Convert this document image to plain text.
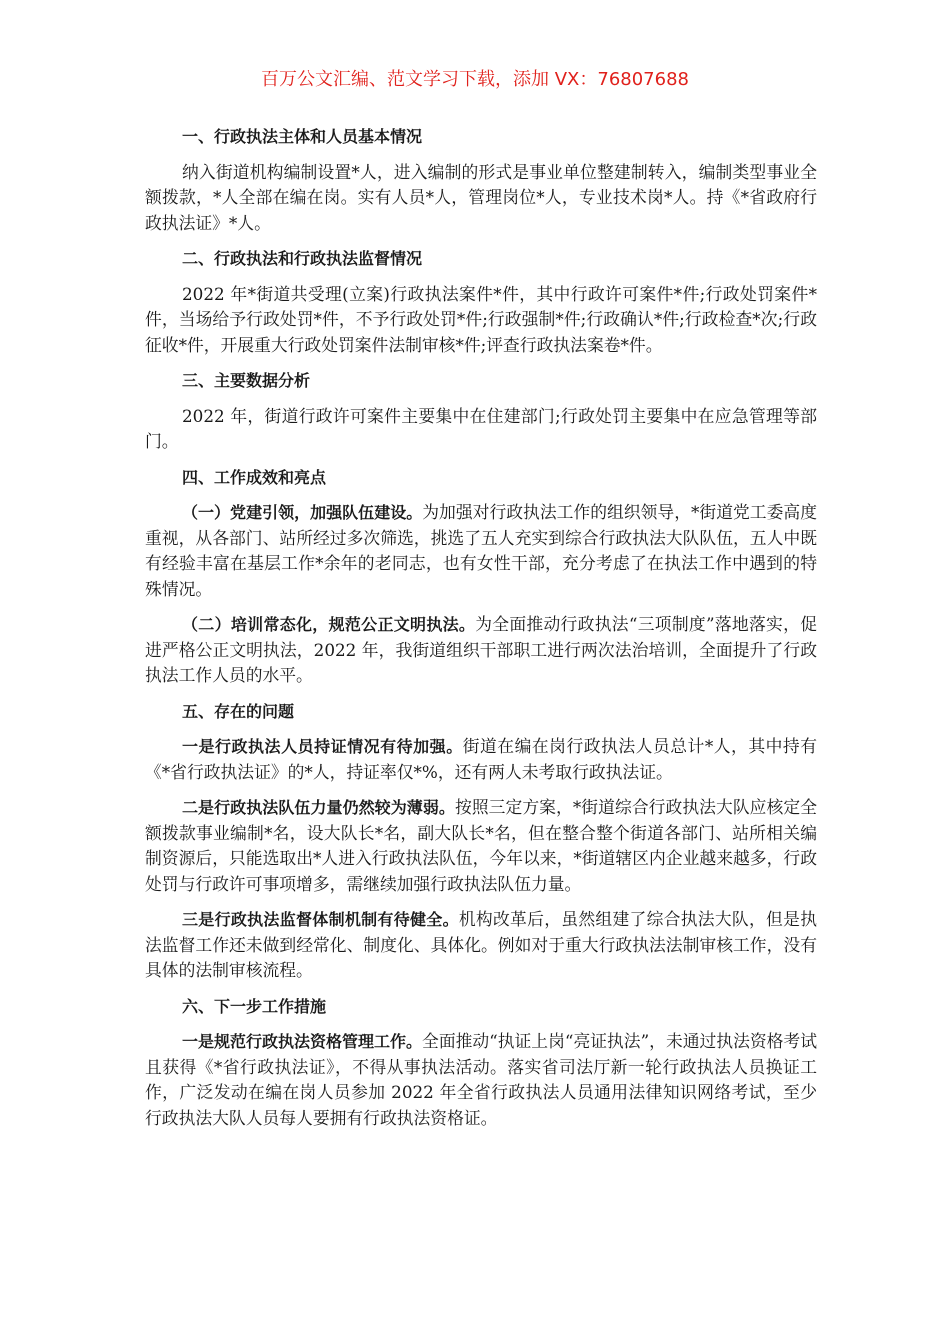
百万公文汇编、范文学习下载，添加 VX：76807688
一、行政执法主体和人员基本情况
纳入街道机构编制设置*人，进入编制的形式是事业单位整建制转入，编制类型事业全额拨款，*人全部在编在岗。实有人员*人，管理岗位*人，专业技术岗*人。持《*省政府行政执法证》*人。
二、行政执法和行政执法监督情况
2022 年*街道共受理(立案)行政执法案件*件，其中行政许可案件*件;行政处罚案件*件，当场给予行政处罚*件，不予行政处罚*件;行政强制*件;行政确认*件;行政检查*次;行政征收*件，开展重大行政处罚案件法制审核*件;评查行政执法案卷*件。
三、主要数据分析
2022 年，街道行政许可案件主要集中在住建部门;行政处罚主要集中在应急管理等部门。
四、工作成效和亮点
（一）党建引领，加强队伍建设。为加强对行政执法工作的组织领导，*街道党工委高度重视，从各部门、站所经过多次筛选，挑选了五人充实到综合行政执法大队队伍，五人中既有经验丰富在基层工作*余年的老同志，也有女性干部，充分考虑了在执法工作中遇到的特殊情况。
（二）培训常态化，规范公正文明执法。为全面推动行政执法“三项制度”落地落实，促进严格公正文明执法，2022 年，我街道组织干部职工进行两次法治培训，全面提升了行政执法工作人员的水平。
五、存在的问题
一是行政执法人员持证情况有待加强。街道在编在岗行政执法人员总计*人，其中持有《*省行政执法证》的*人，持证率仅*%，还有两人未考取行政执法证。
二是行政执法队伍力量仍然较为薄弱。按照三定方案，*街道综合行政执法大队应核定全额拨款事业编制*名，设大队长*名，副大队长*名，但在整合整个街道各部门、站所相关编制资源后，只能选取出*人进入行政执法队伍，今年以来，*街道辖区内企业越来越多，行政处罚与行政许可事项增多，需继续加强行政执法队伍力量。
三是行政执法监督体制机制有待健全。机构改革后，虽然组建了综合执法大队，但是执法监督工作还未做到经常化、制度化、具体化。例如对于重大行政执法法制审核工作，没有具体的法制审核流程。
六、下一步工作措施
一是规范行政执法资格管理工作。全面推动“执证上岗“亮证执法”，未通过执法资格考试且获得《*省行政执法证》，不得从事执法活动。落实省司法厅新一轮行政执法人员换证工作，广泛发动在编在岗人员参加 2022 年全省行政执法人员通用法律知识网络考试，至少行政执法大队人员每人要拥有行政执法资格证。
